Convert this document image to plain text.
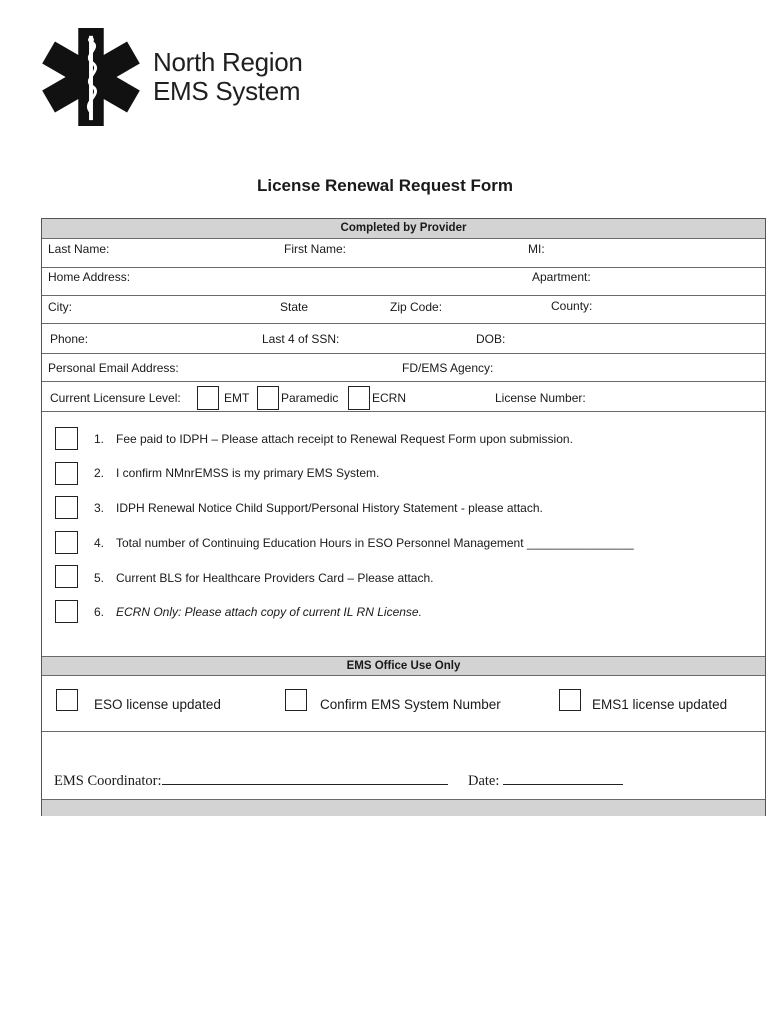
North Region
EMS System
License Renewal Request Form
Completed by Provider
Last Name:	First Name:	MI:
Home Address:	Apartment:
City:	State	Zip Code:	County:
Phone:	Last 4 of SSN:	DOB:
Personal Email Address:	FD/EMS Agency:
Current Licensure Level:	EMT	Paramedic	ECRN	License Number:
1. Fee paid to IDPH – Please attach receipt to Renewal Request Form upon submission.
2. I confirm NMnrEMSS is my primary EMS System.
3. IDPH Renewal Notice Child Support/Personal History Statement - please attach.
4. Total number of Continuing Education Hours in ESO Personnel Management ________________
5. Current BLS for Healthcare Providers Card – Please attach.
6. ECRN Only: Please attach copy of current IL RN License.
EMS Office Use Only
ESO license updated	Confirm EMS System Number	EMS1 license updated
EMS Coordinator:	Date:
